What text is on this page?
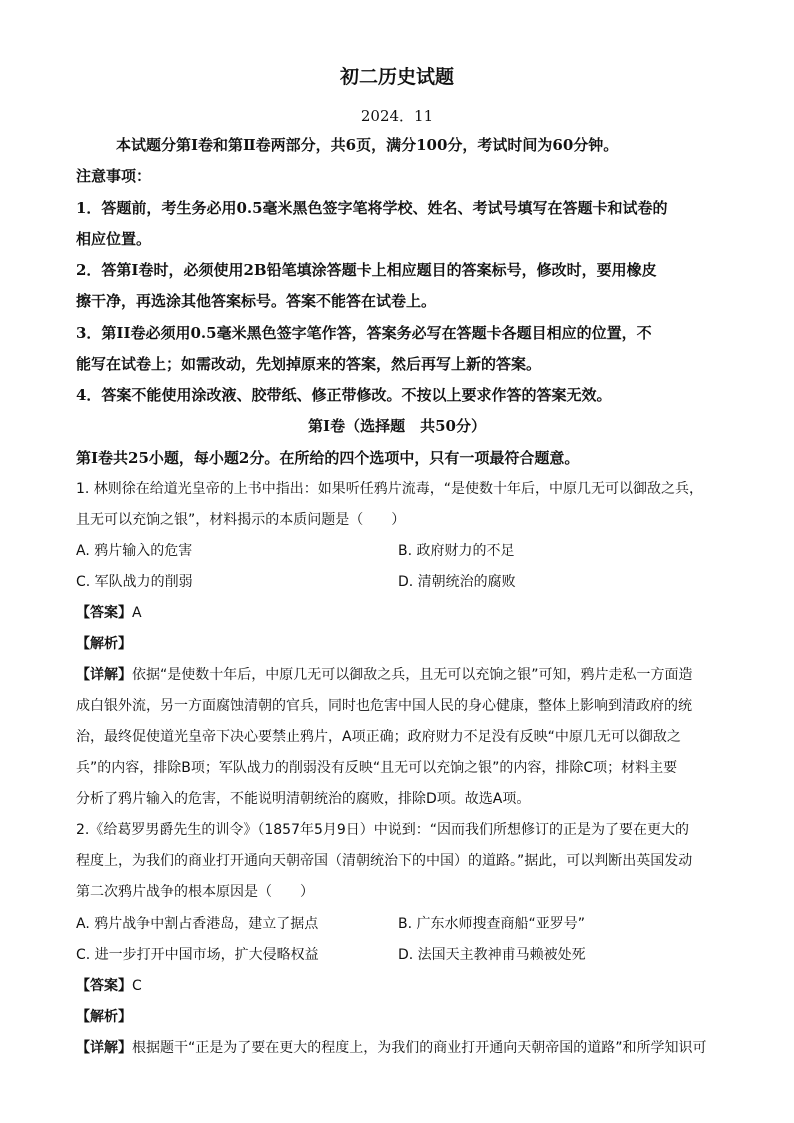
初二历史试题
2024．11
本试题分第Ⅰ卷和第Ⅱ卷两部分，共6页，满分100分，考试时间为60分钟。
注意事项：
1．答题前，考生务必用0.5毫米黑色签字笔将学校、姓名、考试号填写在答题卡和试卷的
相应位置。
2．答第Ⅰ卷时，必须使用2B铅笔填涂答题卡上相应题目的答案标号，修改时，要用橡皮
擦干净，再选涂其他答案标号。答案不能答在试卷上。
3．第II卷必须用0.5毫米黑色签字笔作答，答案务必写在答题卡各题目相应的位置，不
能写在试卷上；如需改动，先划掉原来的答案，然后再写上新的答案。
4．答案不能使用涂改液、胶带纸、修正带修改。不按以上要求作答的答案无效。
第Ⅰ卷（选择题　共50分）
第Ⅰ卷共25小题，每小题2分。在所给的四个选项中，只有一项最符合题意。
1. 林则徐在给道光皇帝的上书中指出：如果听任鸦片流毒，“是使数十年后，中原几无可以御敌之兵，
且无可以充饷之银”，材料揭示的本质问题是（　　）
A. 鸦片输入的危害	B. 政府财力的不足
C. 军队战力的削弱	D. 清朝统治的腐败
【答案】A
【解析】
【详解】依据“是使数十年后，中原几无可以御敌之兵，且无可以充饷之银”可知，鸦片走私一方面造
成白银外流，另一方面腐蚀清朝的官兵，同时也危害中国人民的身心健康，整体上影响到清政府的统
治，最终促使道光皇帝下决心要禁止鸦片，A项正确；政府财力不足没有反映“中原几无可以御敌之
兵”的内容，排除B项；军队战力的削弱没有反映“且无可以充饷之银”的内容，排除C项；材料主要
分析了鸦片输入的危害，不能说明清朝统治的腐败，排除D项。故选A项。
2.《给葛罗男爵先生的训令》（1857年5月9日）中说到：“因而我们所想修订的正是为了要在更大的
程度上，为我们的商业打开通向天朝帝国（清朝统治下的中国）的道路。”据此，可以判断出英国发动
第二次鸦片战争的根本原因是（　　）
A. 鸦片战争中割占香港岛，建立了据点	B. 广东水师搜查商船“亚罗号”
C. 进一步打开中国市场，扩大侵略权益	D. 法国天主教神甫马赖被处死
【答案】C
【解析】
【详解】根据题干“正是为了要在更大的程度上，为我们的商业打开通向天朝帝国的道路”和所学知识可
